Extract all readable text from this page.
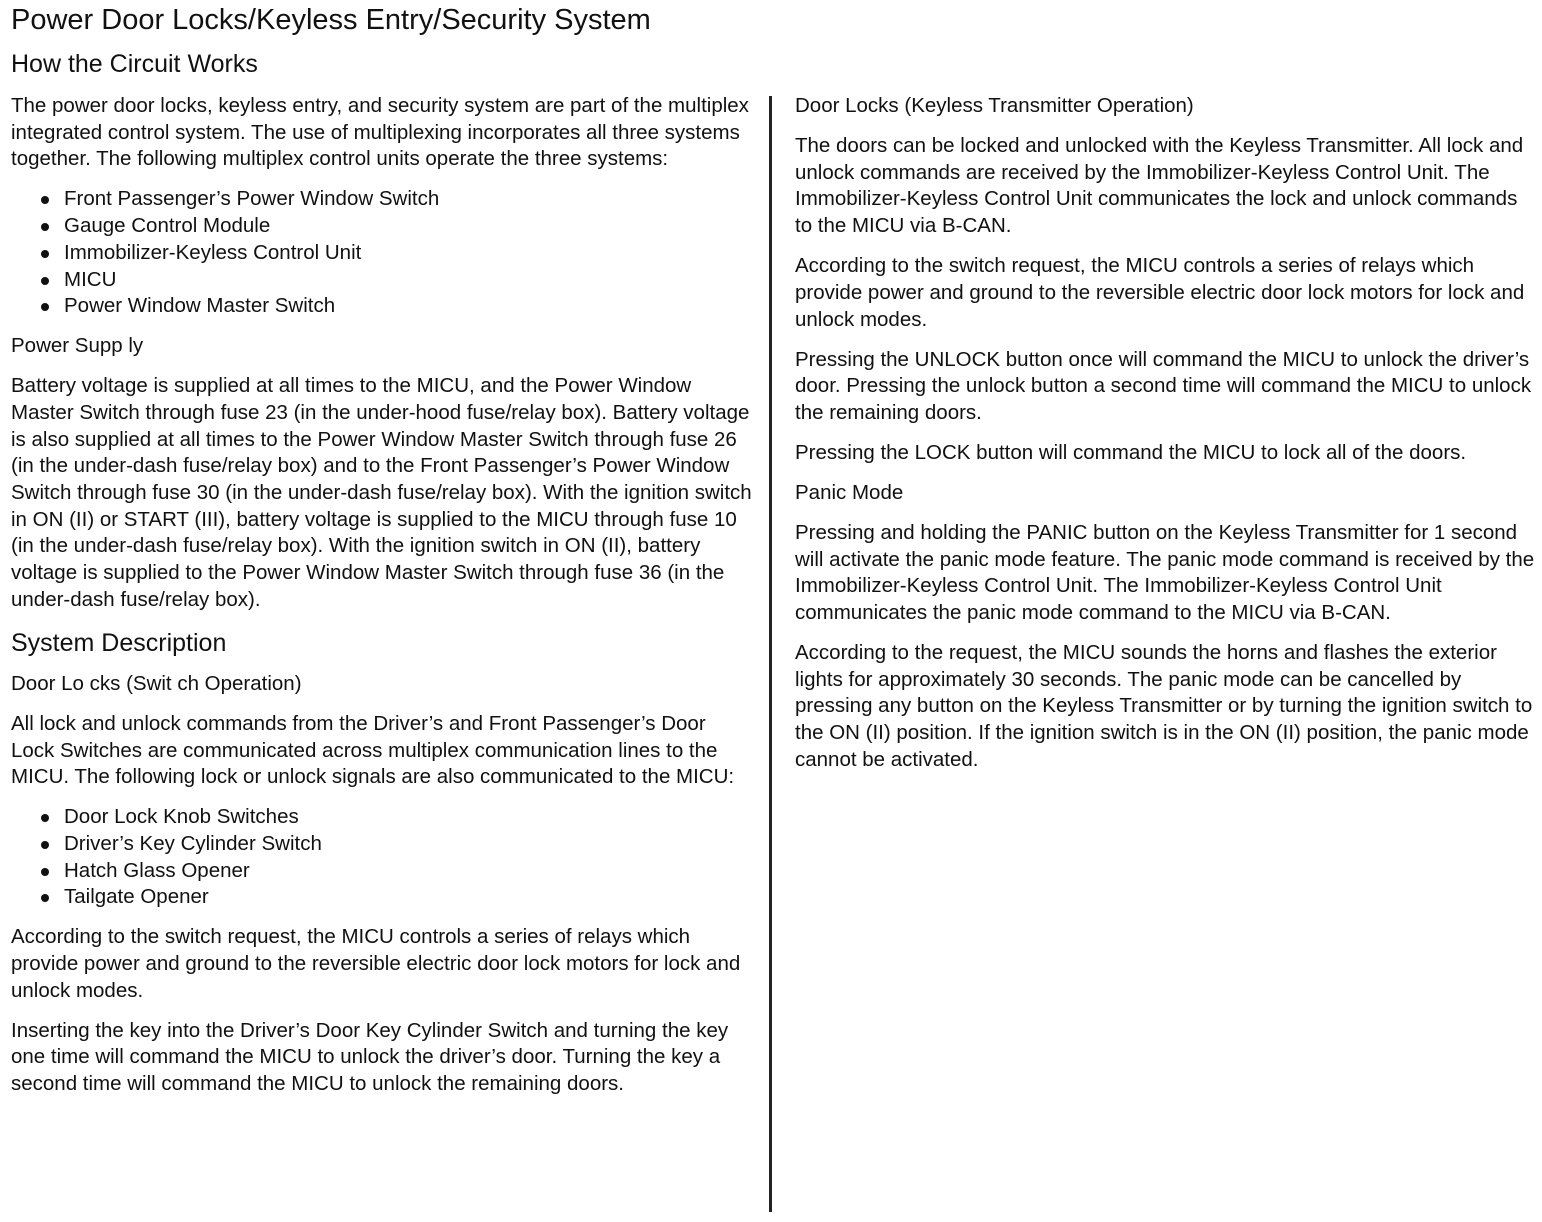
Power Door Locks/Keyless Entry/Security System
How the Circuit Works

The power door locks, keyless entry, and security system are part of the multiplex integrated control system. The use of multiplexing incorporates all three systems together. The following multiplex control units operate the three systems:

Front Passenger’s Power Window Switch
Gauge Control Module
Immobilizer-Keyless Control Unit
MICU
Power Window Master Switch
Power Supp ly

Battery voltage is supplied at all times to the MICU, and the Power Window Master Switch through fuse 23 (in the under-hood fuse/relay box). Battery voltage is also supplied at all times to the Power Window Master Switch through fuse 26 (in the under-dash fuse/relay box) and to the Front Passenger’s Power Window Switch through fuse 30 (in the under-dash fuse/relay box). With the ignition switch in ON (II) or START (III), battery voltage is supplied to the MICU through fuse 10 (in the under-dash fuse/relay box). With the ignition switch in ON (II), battery voltage is supplied to the Power Window Master Switch through fuse 36 (in the under-dash fuse/relay box).

System Description
Door Lo cks (Swit ch Operation)

All lock and unlock commands from the Driver’s and Front Passenger’s Door Lock Switches are communicated across multiplex communication lines to the MICU. The following lock or unlock signals are also communicated to the MICU:

Door Lock Knob Switches
Driver’s Key Cylinder Switch
Hatch Glass Opener
Tailgate Opener

According to the switch request, the MICU controls a series of relays which provide power and ground to the reversible electric door lock motors for lock and unlock modes.

Inserting the key into the Driver’s Door Key Cylinder Switch and turning the key one time will command the MICU to unlock the driver’s door. Turning the key a second time will command the MICU to unlock the remaining doors.

Door Locks (Keyless Transmitter Operation)

The doors can be locked and unlocked with the Keyless Transmitter. All lock and unlock commands are received by the Immobilizer-Keyless Control Unit. The Immobilizer-Keyless Control Unit communicates the lock and unlock commands to the MICU via B-CAN.

According to the switch request, the MICU controls a series of relays which provide power and ground to the reversible electric door lock motors for lock and unlock modes.

Pressing the UNLOCK button once will command the MICU to unlock the driver’s door. Pressing the unlock button a second time will command the MICU to unlock the remaining doors.

Pressing the LOCK button will command the MICU to lock all of the doors.

Panic Mode

Pressing and holding the PANIC button on the Keyless Transmitter for 1 second will activate the panic mode feature. The panic mode command is received by the Immobilizer-Keyless Control Unit. The Immobilizer-Keyless Control Unit communicates the panic mode command to the MICU via B-CAN.

According to the request, the MICU sounds the horns and flashes the exterior lights for approximately 30 seconds. The panic mode can be cancelled by pressing any button on the Keyless Transmitter or by turning the ignition switch to the ON (II) position. If the ignition switch is in the ON (II) position, the panic mode cannot be activated.
